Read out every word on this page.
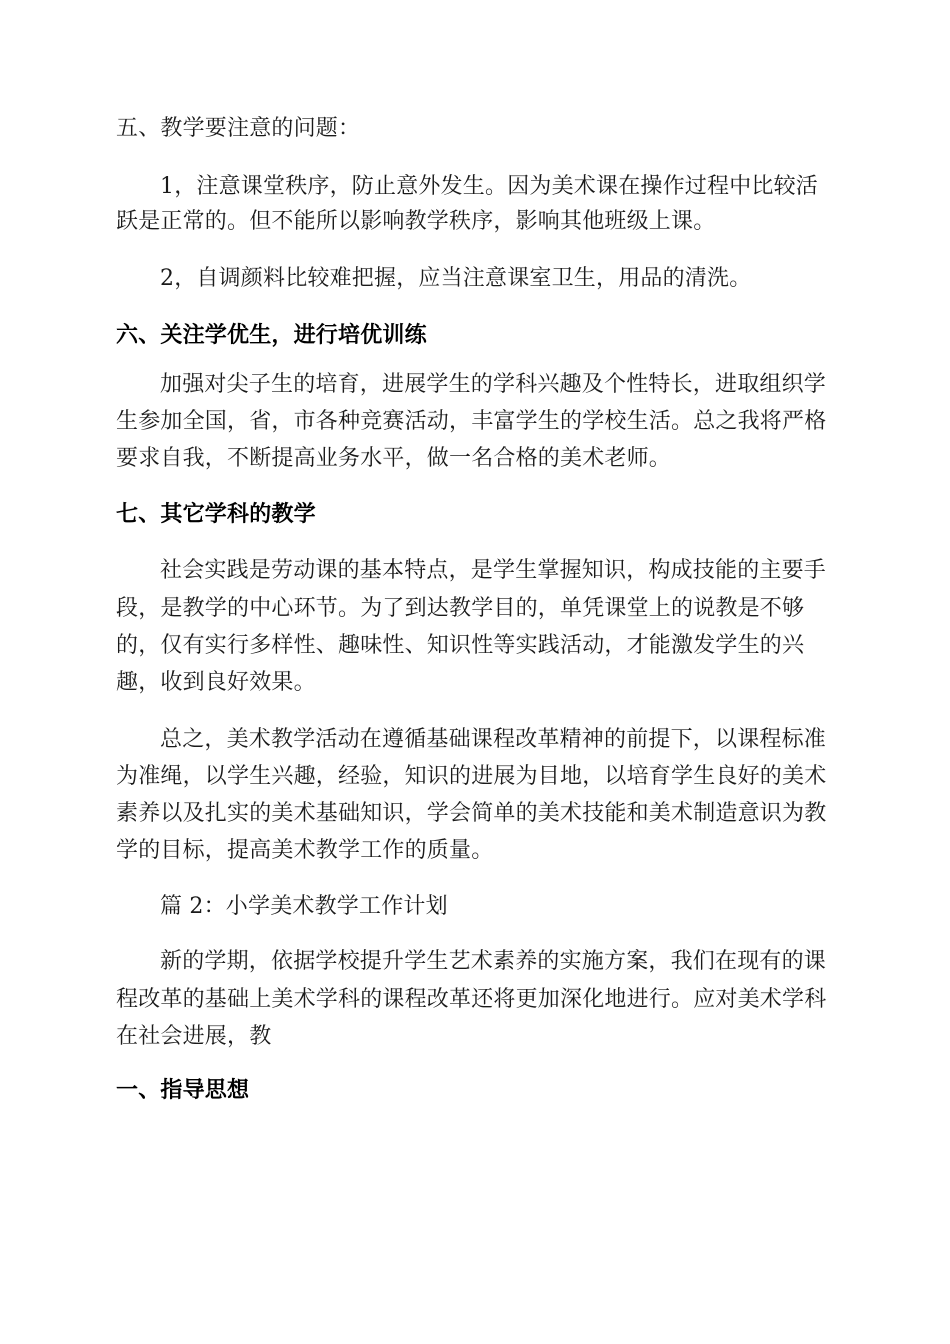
五、教学要注意的问题：
1，注意课堂秩序，防止意外发生。因为美术课在操作过程中比较活
跃是正常的。但不能所以影响教学秩序，影响其他班级上课。
2，自调颜料比较难把握，应当注意课室卫生，用品的清洗。
六、关注学优生，进行培优训练
加强对尖子生的培育，进展学生的学科兴趣及个性特长，进取组织学
生参加全国，省，市各种竞赛活动，丰富学生的学校生活。总之我将严格
要求自我，不断提高业务水平，做一名合格的美术老师。
七、其它学科的教学
社会实践是劳动课的基本特点，是学生掌握知识，构成技能的主要手
段，是教学的中心环节。为了到达教学目的，单凭课堂上的说教是不够
的，仅有实行多样性、趣味性、知识性等实践活动，才能激发学生的兴
趣，收到良好效果。
总之，美术教学活动在遵循基础课程改革精神的前提下，以课程标准
为准绳，以学生兴趣，经验，知识的进展为目地，以培育学生良好的美术
素养以及扎实的美术基础知识，学会简单的美术技能和美术制造意识为教
学的目标，提高美术教学工作的质量。
篇 2：小学美术教学工作计划
新的学期，依据学校提升学生艺术素养的实施方案，我们在现有的课
程改革的基础上美术学科的课程改革还将更加深化地进行。应对美术学科
在社会进展，教
一、指导思想
